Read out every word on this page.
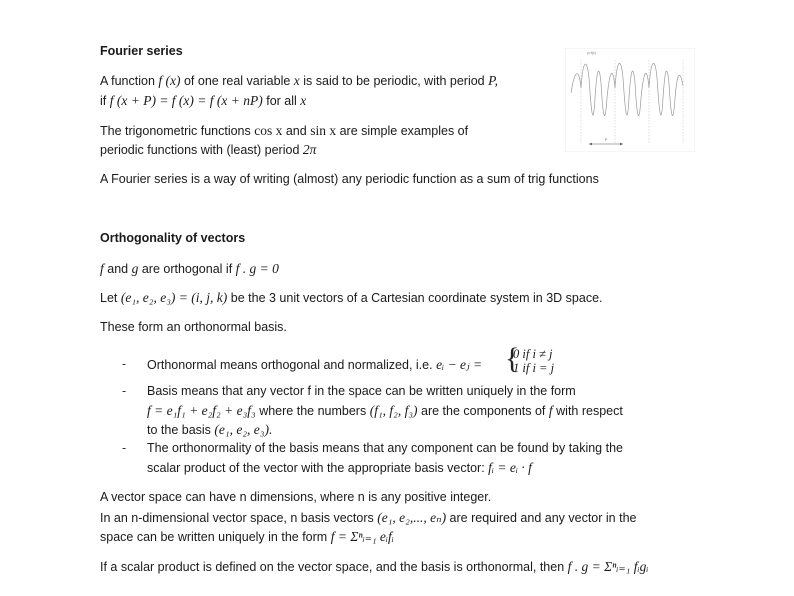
Fourier series
A function f (x) of one real variable x is said to be periodic, with period P,
if f (x + P) = f (x) = f (x + nP) for all x
The trigonometric functions cos x and sin x are simple examples of
periodic functions with (least) period 2π
A Fourier series is a way of writing (almost) any periodic function as a sum of trig functions
y=f(x)
P
Orthogonality of vectors
f and g are orthogonal if f . g = 0
Let (e₁, e₂, e₃) = (i, j, k) be the 3 unit vectors of a Cartesian coordinate system in 3D space.
These form an orthonormal basis.
- Orthonormal means orthogonal and normalized, i.e. eᵢ − eⱼ = {
0 if i ≠ j
1 if i = j
- Basis means that any vector f in the space can be written uniquely in the form
f = e₁f₁ + e₂f₂ + e₃f₃ where the numbers (f₁, f₂, f₃) are the components of f with respect
to the basis (e₁, e₂, e₃).
- The orthonormality of the basis means that any component can be found by taking the
scalar product of the vector with the appropriate basis vector: fᵢ = eᵢ · f
A vector space can have n dimensions, where n is any positive integer.
In an n-dimensional vector space, n basis vectors (e₁, e₂,..., eₙ) are required and any vector in the
space can be written uniquely in the form f = Σⁿᵢ₌₁ eᵢfᵢ
If a scalar product is defined on the vector space, and the basis is orthonormal, then f . g = Σⁿᵢ₌₁ fᵢgᵢ
